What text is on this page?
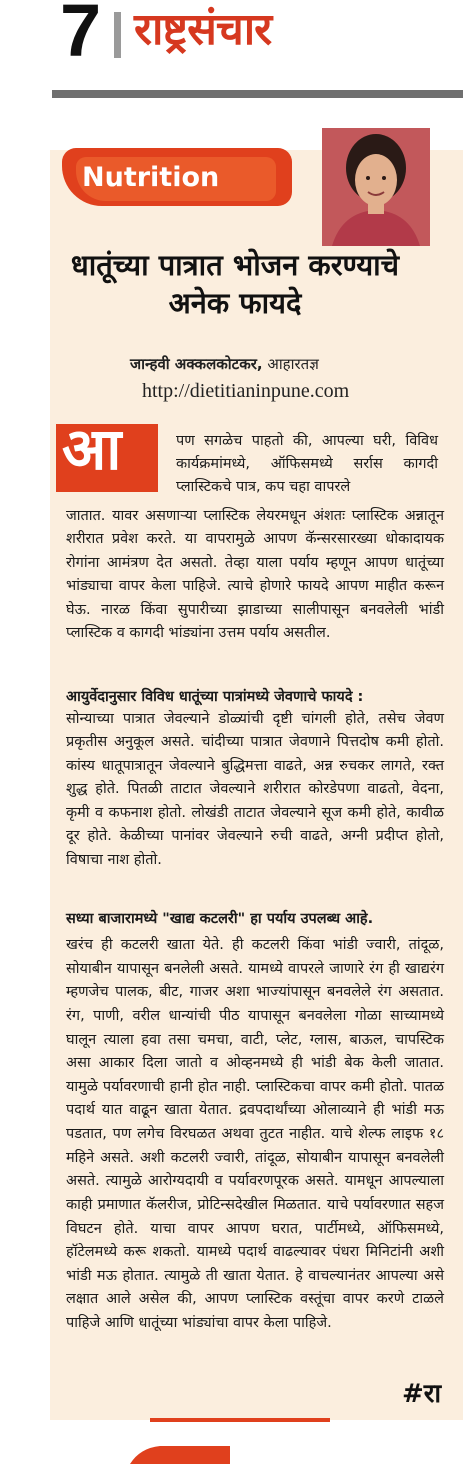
7 राष्ट्रसंचार
Nutrition
धातूंच्या पात्रात भोजन करण्याचे अनेक फायदे
जान्हवी अक्कलकोटकर, आहारतज्ञ
http://dietitianinpune.com
आ	पण सगळेच पाहतो की, आपल्या घरी, विविध कार्यक्रमांमध्ये, ऑफिसमध्ये सर्रास कागदी प्लास्टिकचे पात्र, कप चहा वापरले
जातात. यावर असणाऱ्या प्लास्टिक लेयरमधून अंशतः प्लास्टिक अन्नातून शरीरात प्रवेश करते. या वापरामुळे आपण कॅन्सरसारख्या धोकादायक रोगांना आमंत्रण देत असतो. तेव्हा याला पर्याय म्हणून आपण धातूंच्या भांड्याचा वापर केला पाहिजे. त्याचे होणारे फायदे आपण माहीत करून घेऊ. नारळ किंवा सुपारीच्या झाडाच्या सालीपासून बनवलेली भांडी प्लास्टिक व कागदी भांड्यांना उत्तम पर्याय असतील.
आयुर्वेदानुसार विविध धातूंच्या पात्रांमध्ये जेवणाचे फायदे :
सोन्याच्या पात्रात जेवल्याने डोळ्यांची दृष्टी चांगली होते, तसेच जेवण प्रकृतीस अनुकूल असते. चांदीच्या पात्रात जेवणाने पित्तदोष कमी होतो. कांस्य धातूपात्रातून जेवल्याने बुद्धिमत्ता वाढते, अन्न रुचकर लागते, रक्त शुद्ध होते. पितळी ताटात जेवल्याने शरीरात कोरडेपणा वाढतो, वेदना, कृमी व कफनाश होतो. लोखंडी ताटात जेवल्याने सूज कमी होते, कावीळ दूर होते. केळीच्या पानांवर जेवल्याने रुची वाढते, अग्नी प्रदीप्त होतो, विषाचा नाश होतो.
सध्या बाजारामध्ये "खाद्य कटलरी" हा पर्याय उपलब्ध आहे.
खरंच ही कटलरी खाता येते. ही कटलरी किंवा भांडी ज्वारी, तांदूळ, सोयाबीन यापासून बनलेली असते. यामध्ये वापरले जाणारे रंग ही खाद्यरंग म्हणजेच पालक, बीट, गाजर अशा भाज्यांपासून बनवलेले रंग असतात. रंग, पाणी, वरील धान्यांची पीठ यापासून बनवलेला गोळा साच्यामध्ये घालून त्याला हवा तसा चमचा, वाटी, प्लेट, ग्लास, बाऊल, चापस्टिक असा आकार दिला जातो व ओव्हनमध्ये ही भांडी बेक केली जातात. यामुळे पर्यावरणाची हानी होत नाही. प्लास्टिकचा वापर कमी होतो. पातळ पदार्थ यात वाढून खाता येतात. द्रवपदार्थांच्या ओलाव्याने ही भांडी मऊ पडतात, पण लगेच विरघळत अथवा तुटत नाहीत. याचे शेल्फ लाइफ १८ महिने असते. अशी कटलरी ज्वारी, तांदूळ, सोयाबीन यापासून बनवलेली असते. त्यामुळे आरोग्यदायी व पर्यावरणपूरक असते. यामधून आपल्याला काही प्रमाणात कॅलरीज, प्रोटिन्सदेखील मिळतात. याचे पर्यावरणात सहज विघटन होते. याचा वापर आपण घरात, पार्टीमध्ये, ऑफिसमध्ये, हॉटेलमध्ये करू शकतो. यामध्ये पदार्थ वाढल्यावर पंधरा मिनिटांनी अशी भांडी मऊ होतात. त्यामुळे ती खाता येतात. हे वाचल्यानंतर आपल्या असे लक्षात आले असेल की, आपण प्लास्टिक वस्तूंचा वापर करणे टाळले पाहिजे आणि धातूंच्या भांड्यांचा वापर केला पाहिजे.
#रा
